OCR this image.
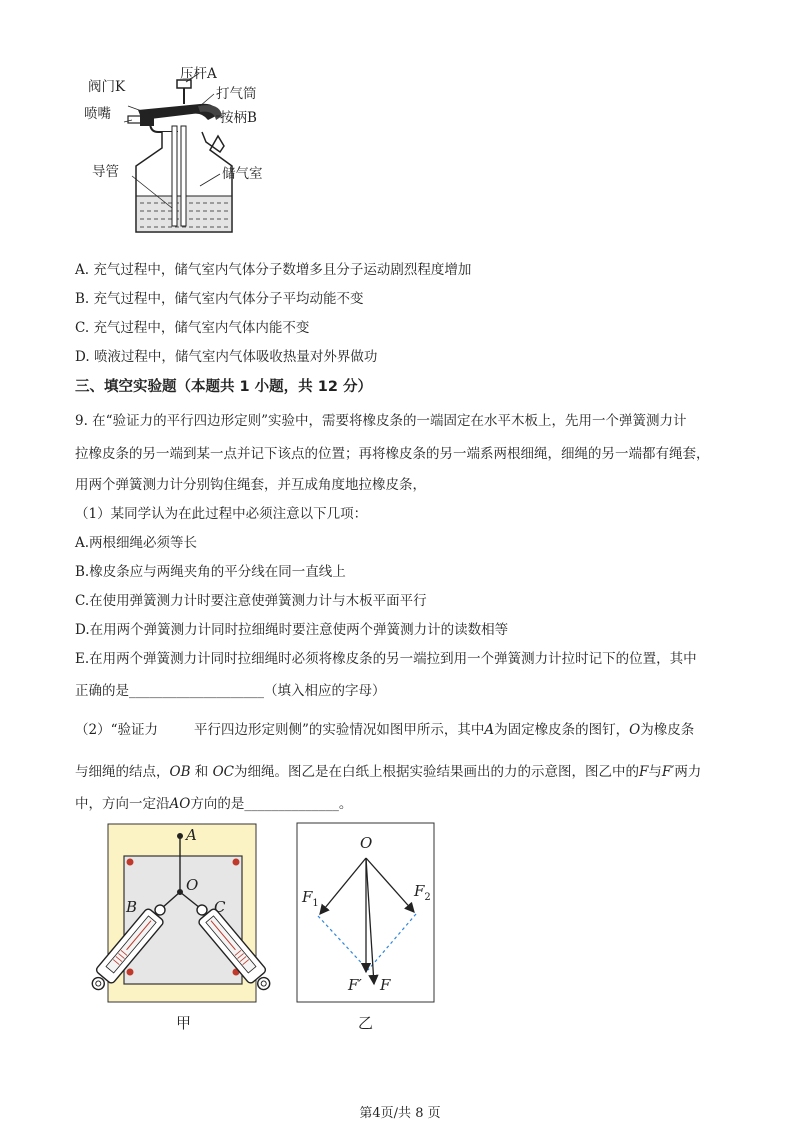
阀门K
压杆A
打气筒
按柄B
喷嘴
导管	储气室
A. 充气过程中，储气室内气体分子数增多且分子运动剧烈程度增加
B. 充气过程中，储气室内气体分子平均动能不变
C. 充气过程中，储气室内气体内能不变
D. 喷液过程中，储气室内气体吸收热量对外界做功
三、填空实验题（本题共 1 小题，共 12 分）
9. 在“验证力的平行四边形定则”实验中，需要将橡皮条的一端固定在水平木板上，先用一个弹簧测力计
拉橡皮条的另一端到某一点并记下该点的位置；再将橡皮条的另一端系两根细绳，细绳的另一端都有绳套，
用两个弹簧测力计分别钩住绳套，并互成角度地拉橡皮条，
（1）某同学认为在此过程中必须注意以下几项：
A.两根细绳必须等长
B.橡皮条应与两绳夹角的平分线在同一直线上
C.在使用弹簧测力计时要注意使弹簧测力计与木板平面平行
D.在用两个弹簧测力计同时拉细绳时要注意使两个弹簧测力计的读数相等
E.在用两个弹簧测力计同时拉细绳时必须将橡皮条的另一端拉到用一个弹簧测力计拉时记下的位置，其中
正确的是____________________（填入相应的字母）
（2）“验证力	平行四边形定则侧”的实验情况如图甲所示，其中A为固定橡皮条的图钉，O为橡皮条
与细绳的结点，OB 和 OC为细绳。图乙是在白纸上根据实验结果画出的力的示意图，图乙中的F与F′两力
中，方向一定沿AO方向的是______________。
A
O
B	C
甲
O
$F_1$
$F_2$
F′ F
乙
第4页/共 8 页
